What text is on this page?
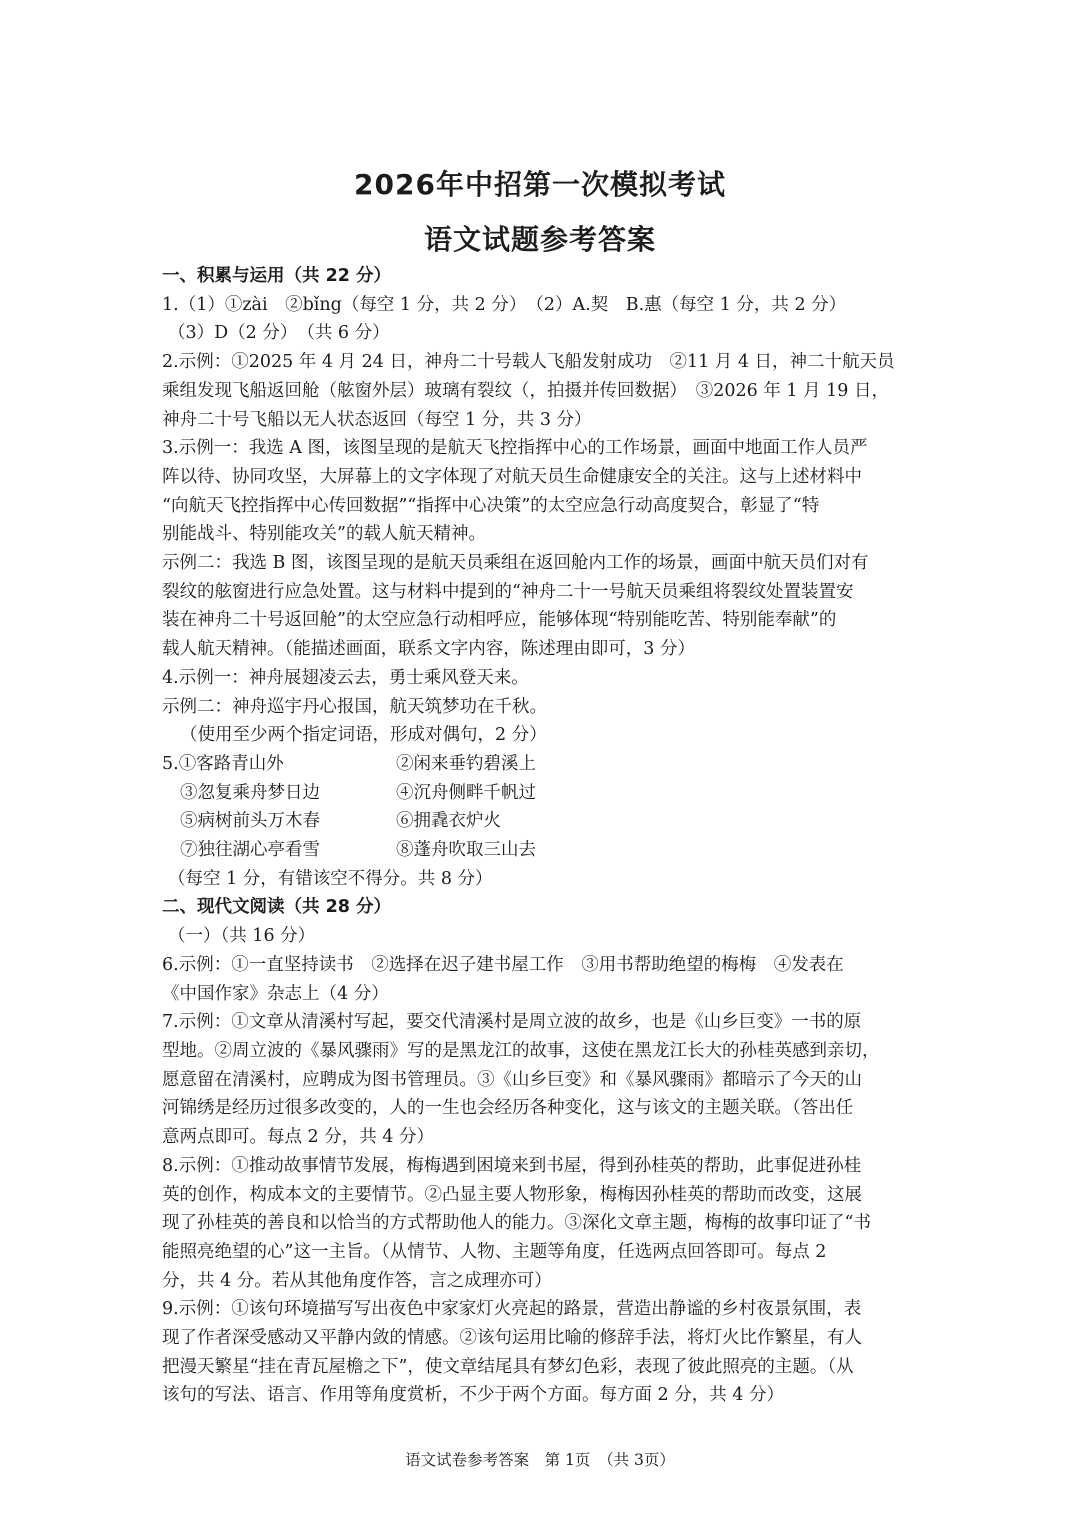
2026年中招第一次模拟考试
语文试题参考答案

一、积累与运用（共 22 分）

1.（1）①zài　②bǐng（每空 1 分，共 2 分）　（2）A.契　B.惠（每空 1 分，共 2 分）

（3）D（2 分）　（共 6 分）

2.示例：①2025 年 4 月 24 日，神舟二十号载人飞船发射成功　②11 月 4 日，神二十航天员

乘组发现飞船返回舱（舷窗外层）玻璃有裂纹（，拍摄并传回数据）　③2026 年 1 月 19 日，

神舟二十号飞船以无人状态返回（每空 1 分，共 3 分）

3.示例一：我选 A 图，该图呈现的是航天飞控指挥中心的工作场景，画面中地面工作人员严

阵以待、协同攻坚，大屏幕上的文字体现了对航天员生命健康安全的关注。这与上述材料中

“向航天飞控指挥中心传回数据”“指挥中心决策”的太空应急行动高度契合，彰显了“特

别能战斗、特别能攻关”的载人航天精神。

示例二：我选 B 图，该图呈现的是航天员乘组在返回舱内工作的场景，画面中航天员们对有

裂纹的舷窗进行应急处置。这与材料中提到的“神舟二十一号航天员乘组将裂纹处置装置安

装在神舟二十号返回舱”的太空应急行动相呼应，能够体现“特别能吃苦、特别能奉献”的

载人航天精神。（能描述画面，联系文字内容，陈述理由即可，3 分）

4.示例一：神舟展翅凌云去，勇士乘风登天来。

示例二：神舟巡宇丹心报国，航天筑梦功在千秋。

（使用至少两个指定词语，形成对偶句，2 分）

5.①客路青山外	②闲来垂钓碧溪上

③忽复乘舟梦日边	④沉舟侧畔千帆过

⑤病树前头万木春	⑥拥毳衣炉火

⑦独往湖心亭看雪	⑧蓬舟吹取三山去

（每空 1 分，有错该空不得分。共 8 分）

二、现代文阅读（共 28 分）

（一）（共 16 分）

6.示例：①一直坚持读书　②选择在迟子建书屋工作　③用书帮助绝望的梅梅　④发表在

《中国作家》杂志上（4 分）

7.示例：①文章从清溪村写起，要交代清溪村是周立波的故乡，也是《山乡巨变》一书的原

型地。②周立波的《暴风骤雨》写的是黑龙江的故事，这使在黑龙江长大的孙桂英感到亲切，

愿意留在清溪村，应聘成为图书管理员。③《山乡巨变》和《暴风骤雨》都暗示了今天的山

河锦绣是经历过很多改变的，人的一生也会经历各种变化，这与该文的主题关联。（答出任

意两点即可。每点 2 分，共 4 分）

8.示例：①推动故事情节发展，梅梅遇到困境来到书屋，得到孙桂英的帮助，此事促进孙桂

英的创作，构成本文的主要情节。②凸显主要人物形象，梅梅因孙桂英的帮助而改变，这展

现了孙桂英的善良和以恰当的方式帮助他人的能力。③深化文章主题，梅梅的故事印证了“书

能照亮绝望的心”这一主旨。（从情节、人物、主题等角度，任选两点回答即可。每点 2

分，共 4 分。若从其他角度作答，言之成理亦可）

9.示例：①该句环境描写写出夜色中家家灯火亮起的路景，营造出静谧的乡村夜景氛围，表

现了作者深受感动又平静内敛的情感。②该句运用比喻的修辞手法，将灯火比作繁星，有人

把漫天繁星“挂在青瓦屋檐之下”，使文章结尾具有梦幻色彩，表现了彼此照亮的主题。（从

该句的写法、语言、作用等角度赏析，不少于两个方面。每方面 2 分，共 4 分）

语文试卷参考答案　第 1页　（共 3页）
